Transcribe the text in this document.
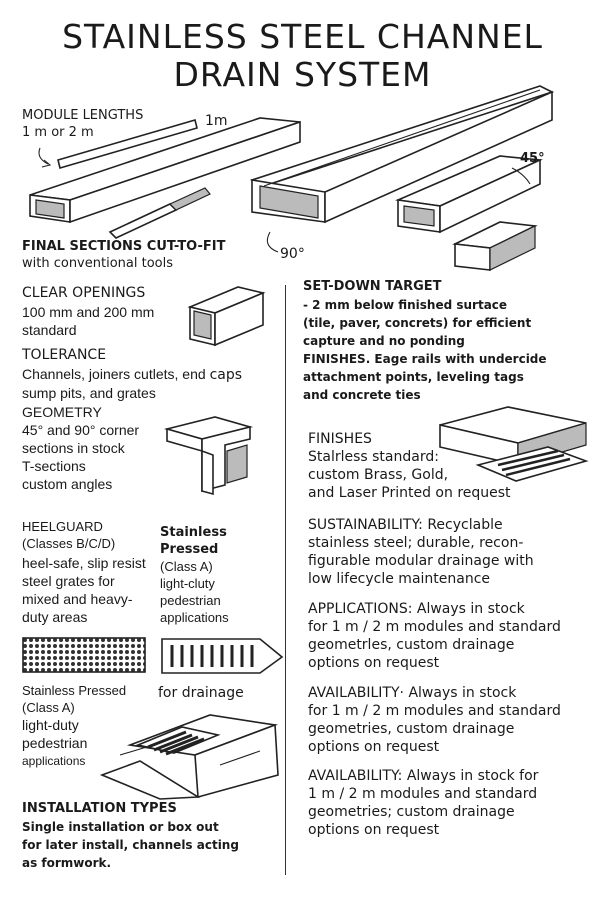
STAINLESS STEEL CHANNEL
DRAIN SYSTEM
MODULE LENGTHS
1 m or 2 m
1m
45°
90°
FINAL SECTIONS CUT-TO-FIT
with conventional tools
CLEAR OPENINGS
100 mm and 200 mm
standard
TOLERANCE
Channels, joiners cutlets, end caps
sump pits, and grates
GEOMETRY
45° and 90° corner
sections in stock
T-sections
custom angles
HEELGUARD
(Classes B/C/D)
heel-safe, slip resist
steel grates for
mixed and heavy-
duty areas
Stainless
Pressed
(Class A)
light-cluty
pedestrian
applications
Stainless Pressed
(Class A)
light-duty
pedestrian
applications
for drainage
INSTALLATION TYPES
Single installation or box out
for later install, channels acting
as formwork.
SET-DOWN TARGET
- 2 mm below finished surtace
(tile, paver, concrets) for efficient
capture and no ponding
FINISHES. Eage rails with undercide
attachment points, leveling tags
and concrete ties
FINISHES
Stalrless standard:
custom Brass, Gold,
and Laser Printed on request
SUSTAINABILITY: Recyclable
stainless steel; durable, recon-
figurable modular drainage with
low lifecycle maintenance
APPLICATIONS: Always in stock
for 1 m / 2 m modules and standard
geometrles, custom drainage
options on request
AVAILABILITY· Always in stock
for 1 m / 2 m modules and standard
geometries, custom drainage
options on request
AVAILABILITY: Always in stock for
1 m / 2 m modules and standard
geometries; custom drainage
options on request
